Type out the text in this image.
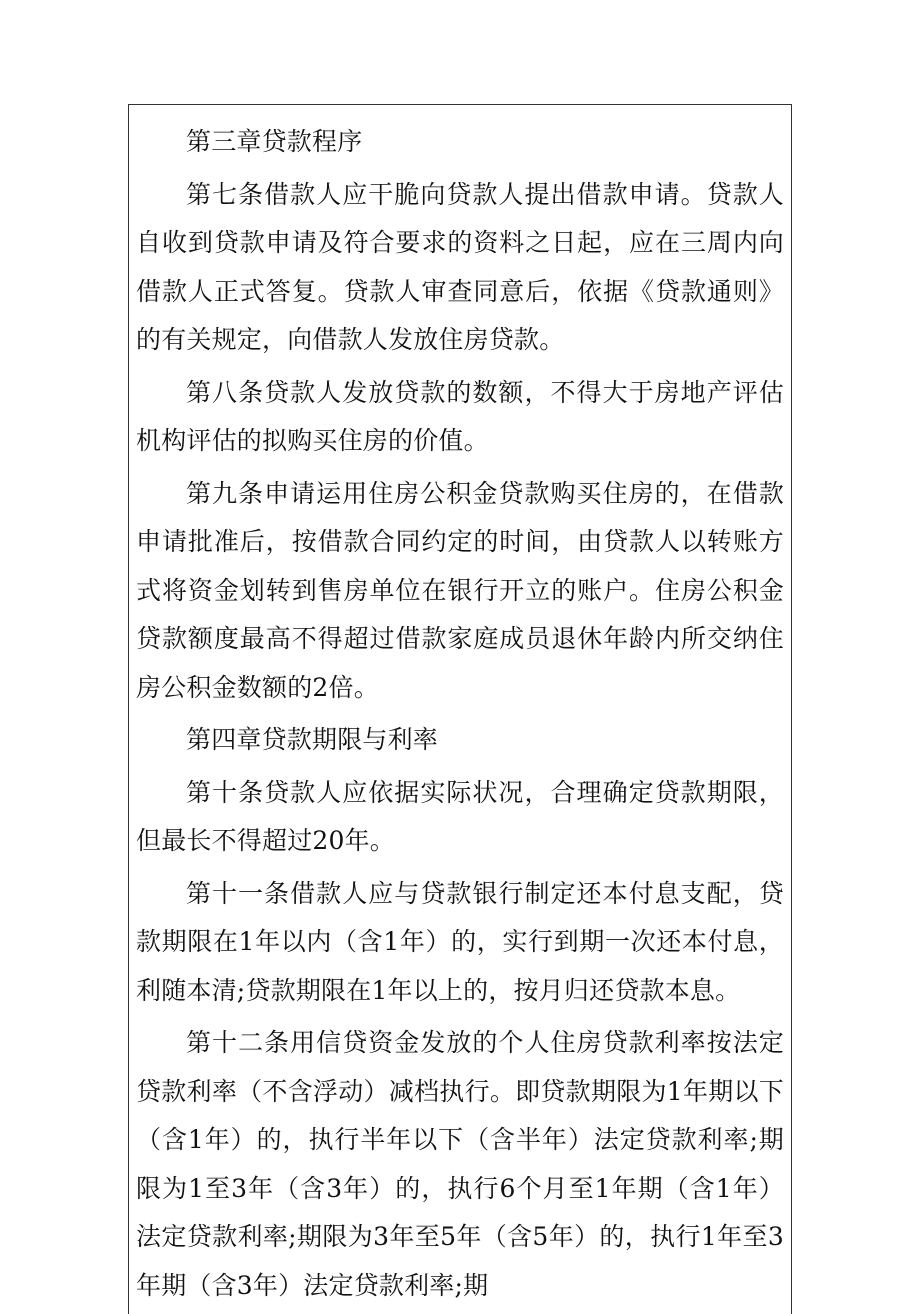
第三章贷款程序

第七条借款人应干脆向贷款人提出借款申请。贷款人自收到贷款申请及符合要求的资料之日起，应在三周内向借款人正式答复。贷款人审查同意后，依据《贷款通则》的有关规定，向借款人发放住房贷款。

第八条贷款人发放贷款的数额，不得大于房地产评估机构评估的拟购买住房的价值。

第九条申请运用住房公积金贷款购买住房的，在借款申请批准后，按借款合同约定的时间，由贷款人以转账方式将资金划转到售房单位在银行开立的账户。住房公积金贷款额度最高不得超过借款家庭成员退休年龄内所交纳住房公积金数额的2倍。

第四章贷款期限与利率

第十条贷款人应依据实际状况，合理确定贷款期限，但最长不得超过20年。

第十一条借款人应与贷款银行制定还本付息支配，贷款期限在1年以内（含1年）的，实行到期一次还本付息，利随本清;贷款期限在1年以上的，按月归还贷款本息。

第十二条用信贷资金发放的个人住房贷款利率按法定贷款利率（不含浮动）减档执行。即贷款期限为1年期以下（含1年）的，执行半年以下（含半年）法定贷款利率;期限为1至3年（含3年）的，执行6个月至1年期（含1年）法定贷款利率;期限为3年至5年（含5年）的，执行1年至3年期（含3年）法定贷款利率;期
